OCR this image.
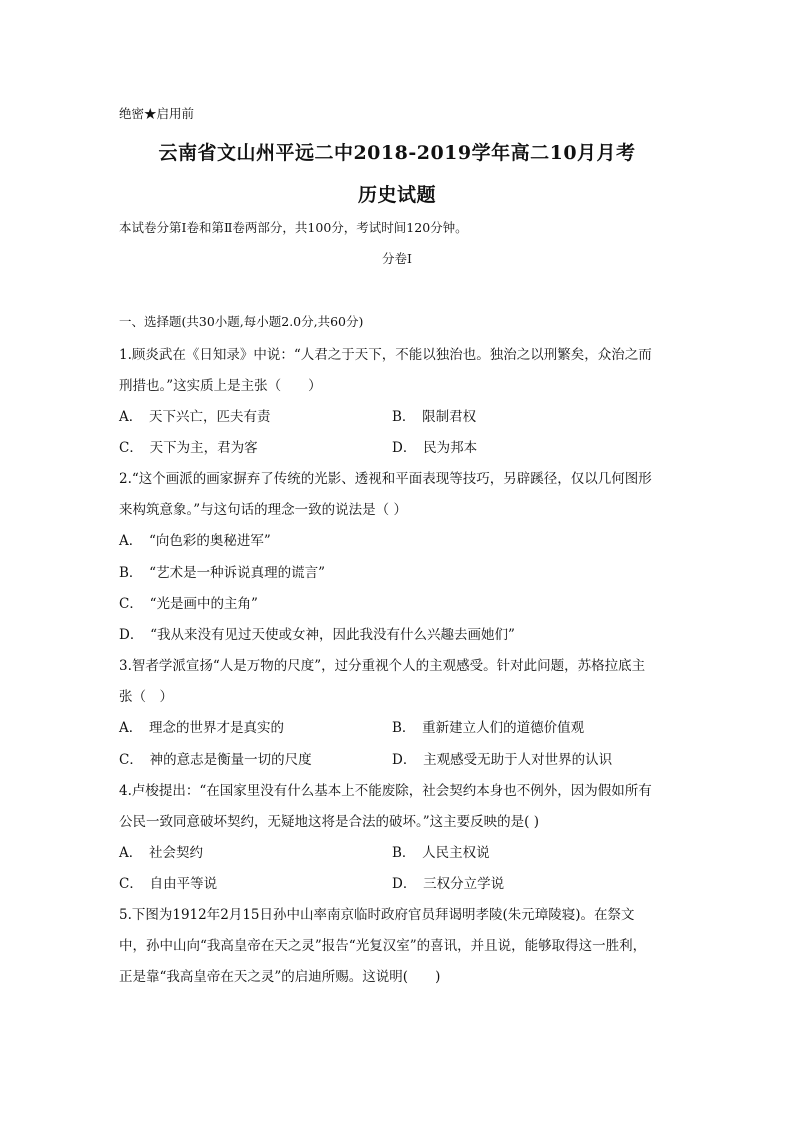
绝密★启用前
云南省文山州平远二中2018-2019学年高二10月月考
历史试题
本试卷分第Ⅰ卷和第Ⅱ卷两部分，共100分，考试时间120分钟。
分卷I
一、选择题(共30小题,每小题2.0分,共60分)
1.顾炎武在《日知录》中说：“人君之于天下，不能以独治也。独治之以刑繁矣，众治之而
刑措也。”这实质上是主张（　　）
A．　天下兴亡，匹夫有责	B．　限制君权
C．　天下为主，君为客	D．　民为邦本
2.“这个画派的画家摒弃了传统的光影、透视和平面表现等技巧，另辟蹊径，仅以几何图形
来构筑意象。”与这句话的理念一致的说法是（ ）
A．　“向色彩的奥秘进军”
B．　“艺术是一种诉说真理的谎言”
C．　“光是画中的主角”
D．　“我从来没有见过天使或女神，因此我没有什么兴趣去画她们”
3.智者学派宣扬“人是万物的尺度”，过分重视个人的主观感受。针对此问题，苏格拉底主
张（　）
A．　理念的世界才是真实的	B．　重新建立人们的道德价值观
C．　神的意志是衡量一切的尺度	D．　主观感受无助于人对世界的认识
4.卢梭提出：“在国家里没有什么基本上不能废除，社会契约本身也不例外，因为假如所有
公民一致同意破坏契约，无疑地这将是合法的破坏。”这主要反映的是( )
A．　社会契约	B．　人民主权说
C．　自由平等说	D．　三权分立学说
5.下图为1912年2月15日孙中山率南京临时政府官员拜谒明孝陵(朱元璋陵寝)。在祭文
中，孙中山向“我高皇帝在天之灵”报告“光复汉室”的喜讯，并且说，能够取得这一胜利，
正是靠“我高皇帝在天之灵”的启迪所赐。这说明(　　)
